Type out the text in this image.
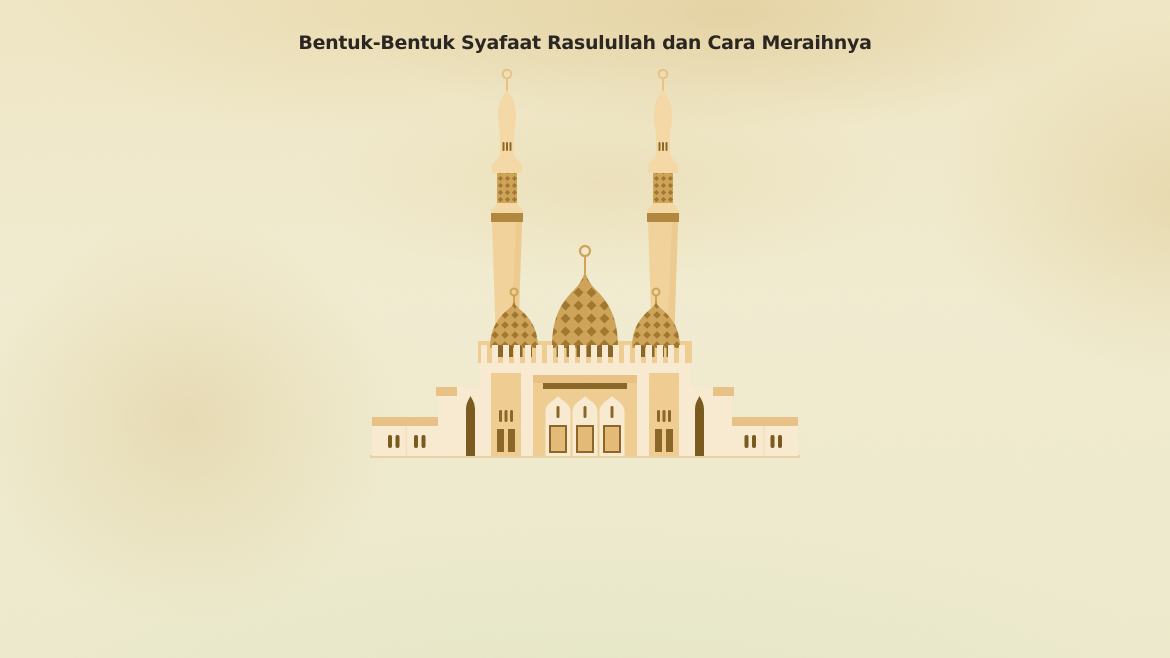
Bentuk-Bentuk Syafaat Rasulullah dan Cara Meraihnya
